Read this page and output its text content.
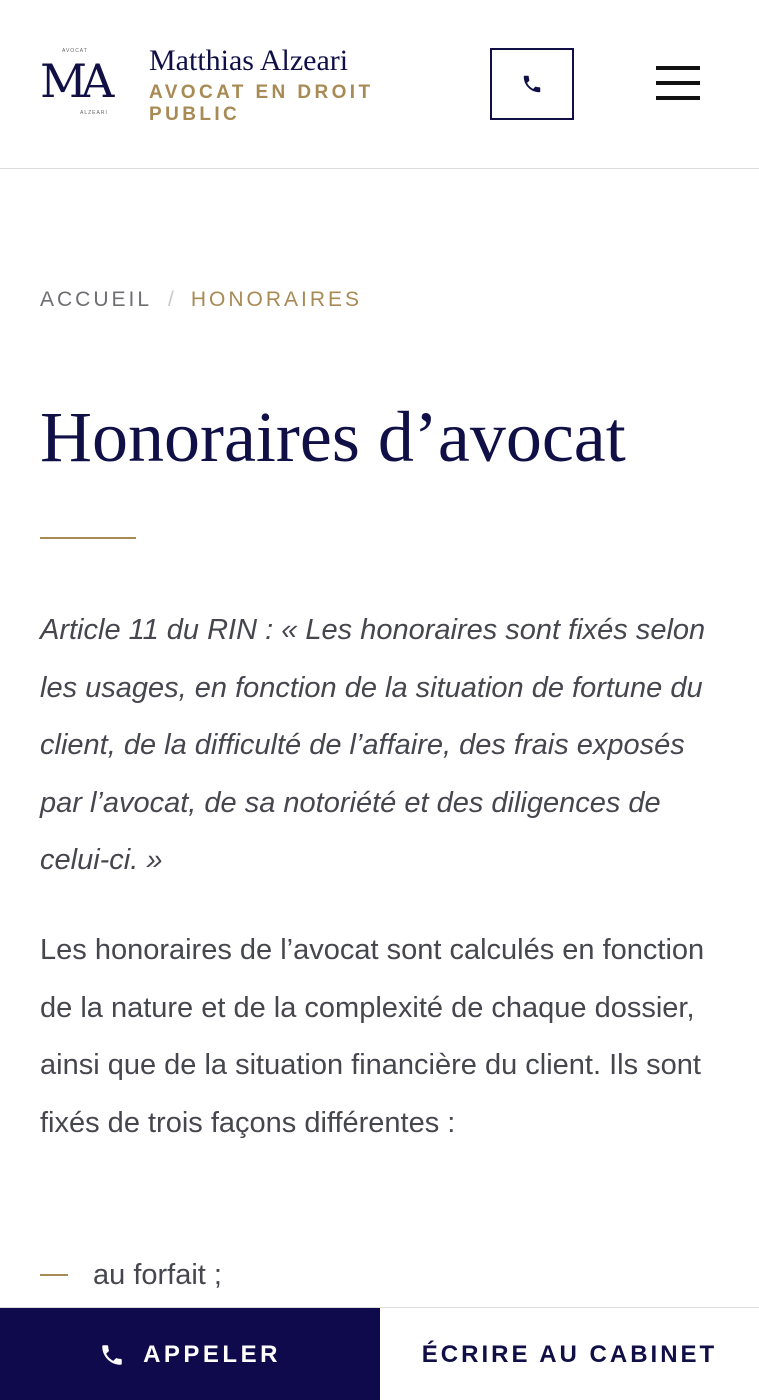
AVOCAT
MA
ALZEARI
Matthias Alzeari
AVOCAT EN DROIT PUBLIC
ACCUEIL / HONORAIRES
Honoraires d’avocat

Article 11 du RIN : « Les honoraires sont fixés selon les usages, en fonction de la situation de fortune du client, de la difficulté de l’affaire, des frais exposés par l’avocat, de sa notoriété et des diligences de celui-ci. »

Les honoraires de l’avocat sont calculés en fonction de la nature et de la complexité de chaque dossier, ainsi que de la situation financière du client. Ils sont fixés de trois façons différentes :

au forfait ;
APPELER	ÉCRIRE AU CABINET
